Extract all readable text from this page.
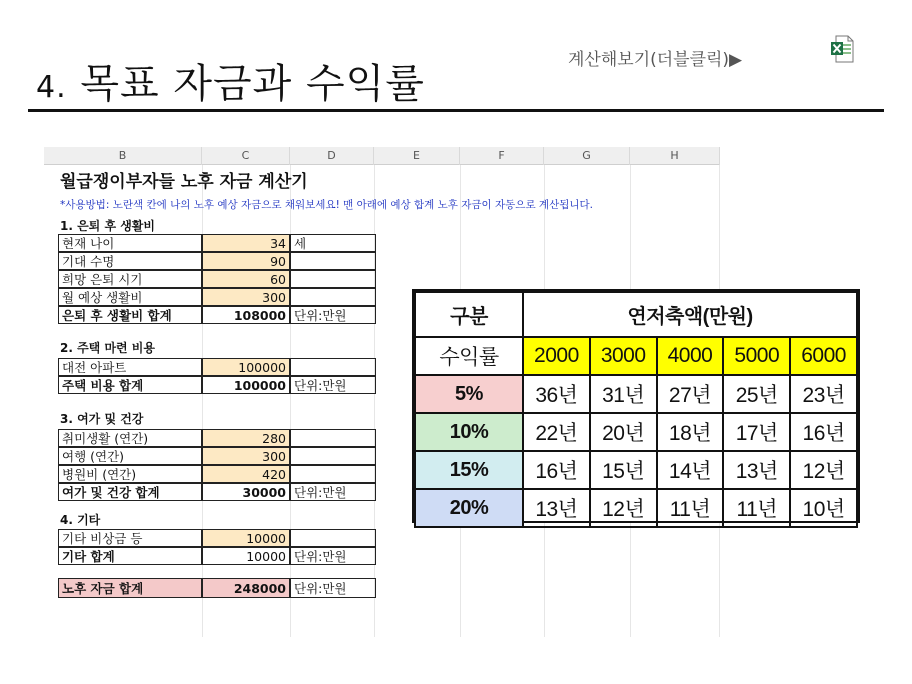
4. 목표 자금과 수익률
계산해보기(더블클릭)▶
B	C	D	E	F	G	H
월급쟁이부자들 노후 자금 계산기
*사용방법: 노란색 칸에 나의 노후 예상 자금으로 채워보세요! 맨 아래에 예상 합계 노후 자금이 자동으로 계산됩니다.
1. 은퇴 후 생활비
현재 나이	34 세
기대 수명	90
희망 은퇴 시기	60
월 예상 생활비	300
은퇴 후 생활비 합계	108000 단위:만원
2. 주택 마련 비용
대전 아파트	100000
주택 비용 합계	100000 단위:만원
3. 여가 및 건강
취미생활 (연간)	280
여행 (연간)	300
병원비 (연간)	420
여가 및 건강 합계	30000 단위:만원
4. 기타
기타 비상금 등	10000
기타 합계	10000 단위:만원
노후 자금 합계	248000 단위:만원
구분	연저축액(만원)				
수익률	2000	3000	4000	5000	6000
5%	36년	31년	27년	25년	23년
10%	22년	20년	18년	17년	16년
15%	16년	15년	14년	13년	12년
20%	13년	12년	11년	11년	10년
